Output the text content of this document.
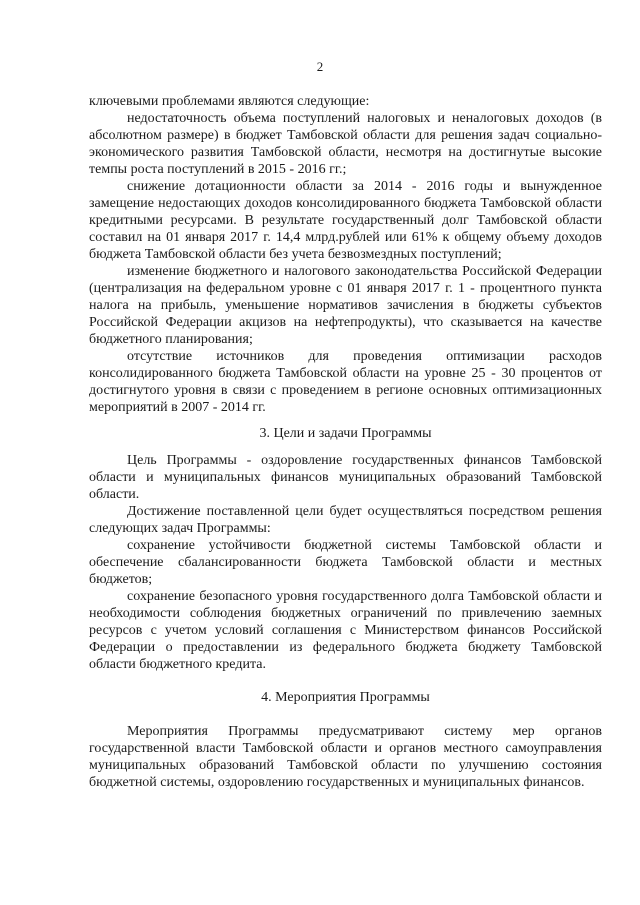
2

ключевыми проблемами являются следующие:

недостаточность объема поступлений налоговых и неналоговых доходов (в абсолютном размере) в бюджет Тамбовской области для решения задач социально-экономического развития Тамбовской области, несмотря на достигнутые высокие темпы роста поступлений в 2015 - 2016 гг.;

снижение дотационности области за 2014 - 2016 годы и вынужденное замещение недостающих доходов консолидированного бюджета Тамбовской области кредитными ресурсами. В результате государственный долг Тамбовской области составил на 01 января 2017 г. 14,4 млрд.рублей или 61% к общему объему доходов бюджета Тамбовской области без учета безвозмездных поступлений;

изменение бюджетного и налогового законодательства Российской Федерации (централизация на федеральном уровне с 01 января 2017 г. 1 - процентного пункта налога на прибыль, уменьшение нормативов зачисления в бюджеты субъектов Российской Федерации акцизов на нефтепродукты), что сказывается на качестве бюджетного планирования;

отсутствие источников для проведения оптимизации расходов консолидированного бюджета Тамбовской области на уровне 25 - 30 процентов от достигнутого уровня в связи с проведением в регионе основных оптимизационных мероприятий в 2007 - 2014 гг.

3. Цели и задачи Программы

Цель Программы - оздоровление государственных финансов Тамбовской области и муниципальных финансов муниципальных образований Тамбовской области.

Достижение поставленной цели будет осуществляться посредством решения следующих задач Программы:

сохранение устойчивости бюджетной системы Тамбовской области и обеспечение сбалансированности бюджета Тамбовской области и местных бюджетов;

сохранение безопасного уровня государственного долга Тамбовской области и необходимости соблюдения бюджетных ограничений по привлечению заемных ресурсов с учетом условий соглашения с Министерством финансов Российской Федерации о предоставлении из федерального бюджета бюджету Тамбовской области бюджетного кредита.

4. Мероприятия Программы

Мероприятия Программы предусматривают систему мер органов государственной власти Тамбовской области и органов местного самоуправления муниципальных образований Тамбовской области по улучшению состояния бюджетной системы, оздоровлению государственных и муниципальных финансов.
